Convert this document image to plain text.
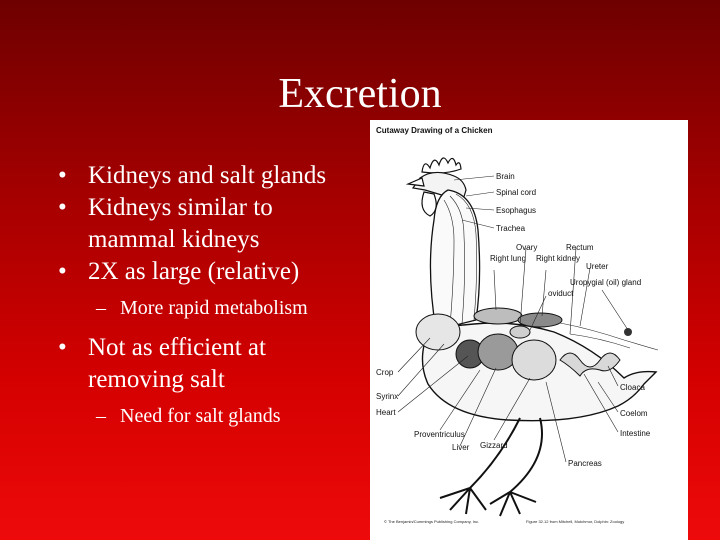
Excretion

• Kidneys and salt glands

• Kidneys similar to mammal kidneys

• 2X as large (relative)

– More rapid metabolism

• Not as efficient at removing salt

– Need for salt glands

Cutaway Drawing of a Chicken
Brain
Spinal cord
Esophagus
Trachea
Ovary	Rectum
Right lung Right kidney
Ureter
Uropygial (oil) gland
oviduct
Crop
Syrinx
Heart
Proventriculus
Liver Gizzard
Cloaca
Coelom
Intestine
Pancreas
© The Benjamin/Cummings Publishing Company, Inc.	Figure 32.12 from Mitchell, Mutchmor, Dolphin: Zoology
